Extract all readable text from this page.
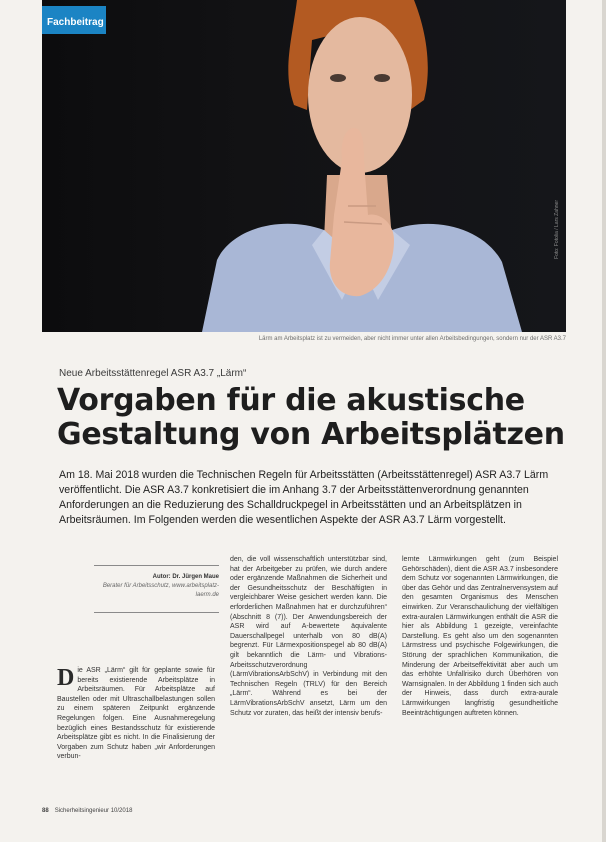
Foto: Fotolia / Lars Zahner
Fachbeitrag
Lärm am Arbeitsplatz ist zu vermeiden, aber nicht immer unter allen Arbeitsbedingungen, sondern nur der ASR A3.7
Neue Arbeitsstättenregel ASR A3.7 „Lärm“
Vorgaben für die akustische
Gestaltung von Arbeitsplätzen
Am 18. Mai 2018 wurden die Technischen Regeln für Arbeitsstätten (Arbeitsstättenregel) ASR A3.7 Lärm veröffentlicht. Die ASR A3.7 konkretisiert die im Anhang 3.7 der Arbeitsstättenverordnung genannten Anforderungen an die Reduzierung des Schalldruckpegel in Arbeitsstätten und an Arbeitsplätzen in Arbeitsräumen. Im Folgenden werden die wesentlichen Aspekte der ASR A3.7 Lärm vorgestellt.
Autor: Dr. Jürgen Maue
Berater für Arbeitsschutz, www.arbeitsplatz-laerm.de
Die ASR „Lärm“ gilt für geplante sowie für bereits existierende Arbeitsplätze in Arbeitsräumen. Für Arbeitsplätze auf Baustellen oder mit Ultraschallbelastungen sollen zu einem späteren Zeitpunkt ergänzende Regelungen folgen. Eine Ausnahmeregelung bezüglich eines Bestandsschutz für existierende Arbeitsplätze gibt es nicht. In die Finalisierung der Vorgaben zum Schutz haben „wir Anforderungen verbun-
den, die voll wissenschaftlich unterstützbar sind, hat der Arbeitgeber zu prüfen, wie durch andere oder ergänzende Maßnahmen die Sicherheit und der Gesundheitsschutz der Beschäftigten in vergleichbarer Weise gesichert werden kann. Die erforderlichen Maßnahmen hat er durchzuführen“ (Abschnitt 8 (7)). Der Anwendungsbereich der ASR wird auf A-bewertete äquivalente Dauerschallpegel unterhalb von 80 dB(A) begrenzt. Für Lärmexpositionspegel ab 80 dB(A) gilt bekanntlich die Lärm- und Vibrations-Arbeitsschutzverordnung (LärmVibrationsArbSchV) in Verbindung mit den Technischen Regeln (TRLV) für den Bereich „Lärm“. Während es bei der LärmVibrationsArbSchV ansetzt, Lärm um den Schutz vor zuraten, das heißt der intensiv berufs-
lernte Lärmwirkungen geht (zum Beispiel Gehörschäden), dient die ASR A3.7 insbesondere dem Schutz vor sogenannten Lärmwirkungen, die über das Gehör und das Zentralnervensystem auf den gesamten Organismus des Menschen einwirken. Zur Veranschaulichung der vielfältigen extra-auralen Lärmwirkungen enthält die ASR die hier als Abbildung 1 gezeigte, vereinfachte Darstellung. Es geht also um den sogenannten Lärmstress und psychische Folgewirkungen, die Störung der sprachlichen Kommunikation, die Minderung der Arbeitseffektivität aber auch um das erhöhte Unfallrisiko durch Überhören von Warnsignalen. In der Abbildung 1 finden sich auch der Hinweis, dass durch extra-aurale Lärmwirkungen langfristig gesundheitliche Beeinträchtigungen auftreten können.
88 Sicherheitsingenieur 10/2018
